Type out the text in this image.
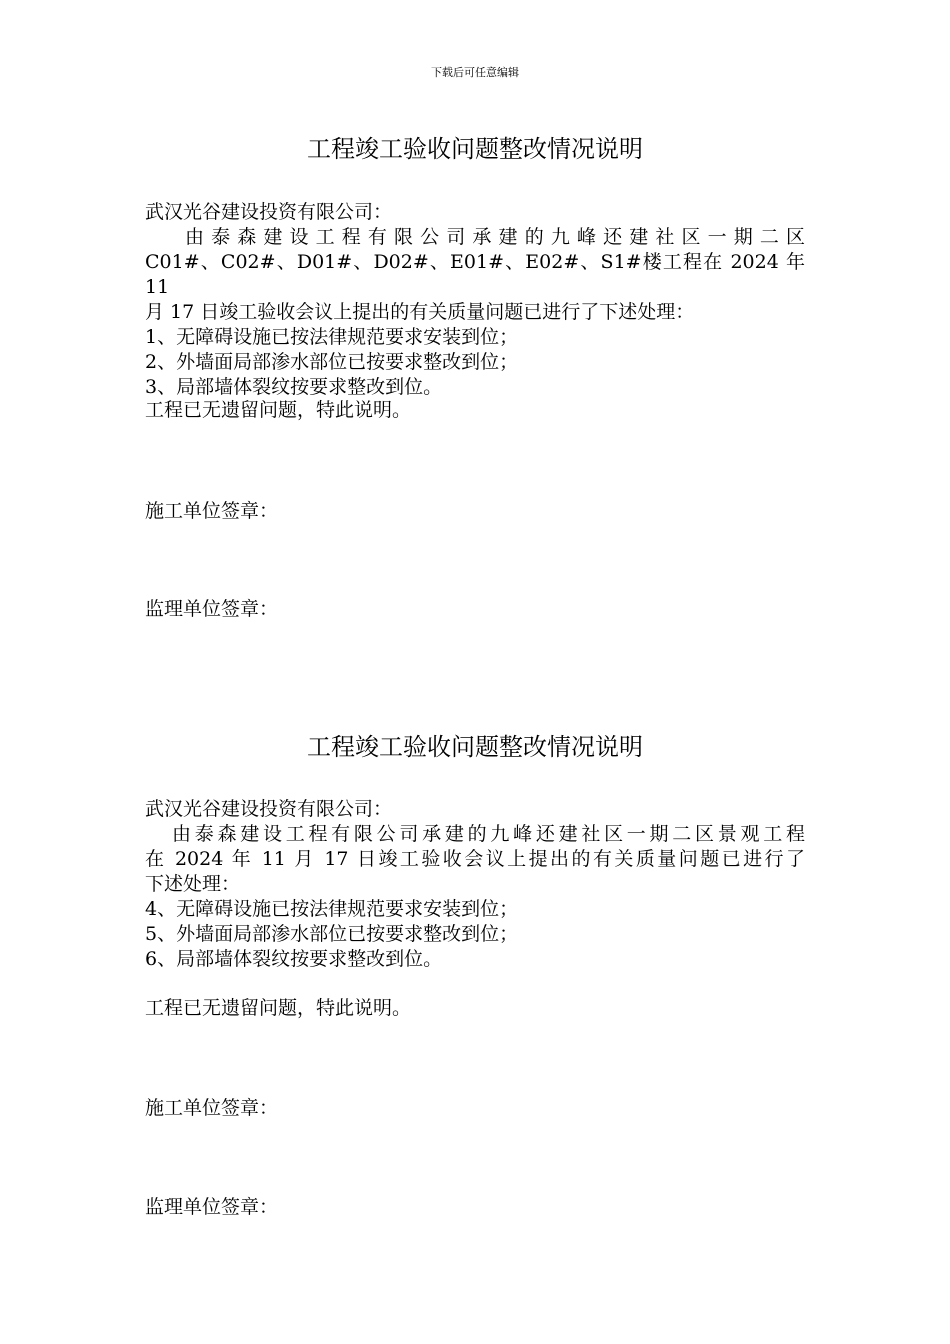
下载后可任意编辑
工程竣工验收问题整改情况说明
武汉光谷建设投资有限公司：
由泰森建设工程有限公司承建的九峰还建社区一期二区
C01#、C02#、D01#、D02#、E01#、E02#、S1#楼工程在 2024 年 11
月 17 日竣工验收会议上提出的有关质量问题已进行了下述处理：
1、无障碍设施已按法律规范要求安装到位；
2、外墙面局部渗水部位已按要求整改到位；
3、局部墙体裂纹按要求整改到位。
工程已无遗留问题，特此说明。
施工单位签章：
监理单位签章：
工程竣工验收问题整改情况说明
武汉光谷建设投资有限公司：
由泰森建设工程有限公司承建的九峰还建社区一期二区景观工程
在 2024 年 11 月 17 日竣工验收会议上提出的有关质量问题已进行了
下述处理：
4、无障碍设施已按法律规范要求安装到位；
5、外墙面局部渗水部位已按要求整改到位；
6、局部墙体裂纹按要求整改到位。
工程已无遗留问题，特此说明。
施工单位签章：
监理单位签章：
